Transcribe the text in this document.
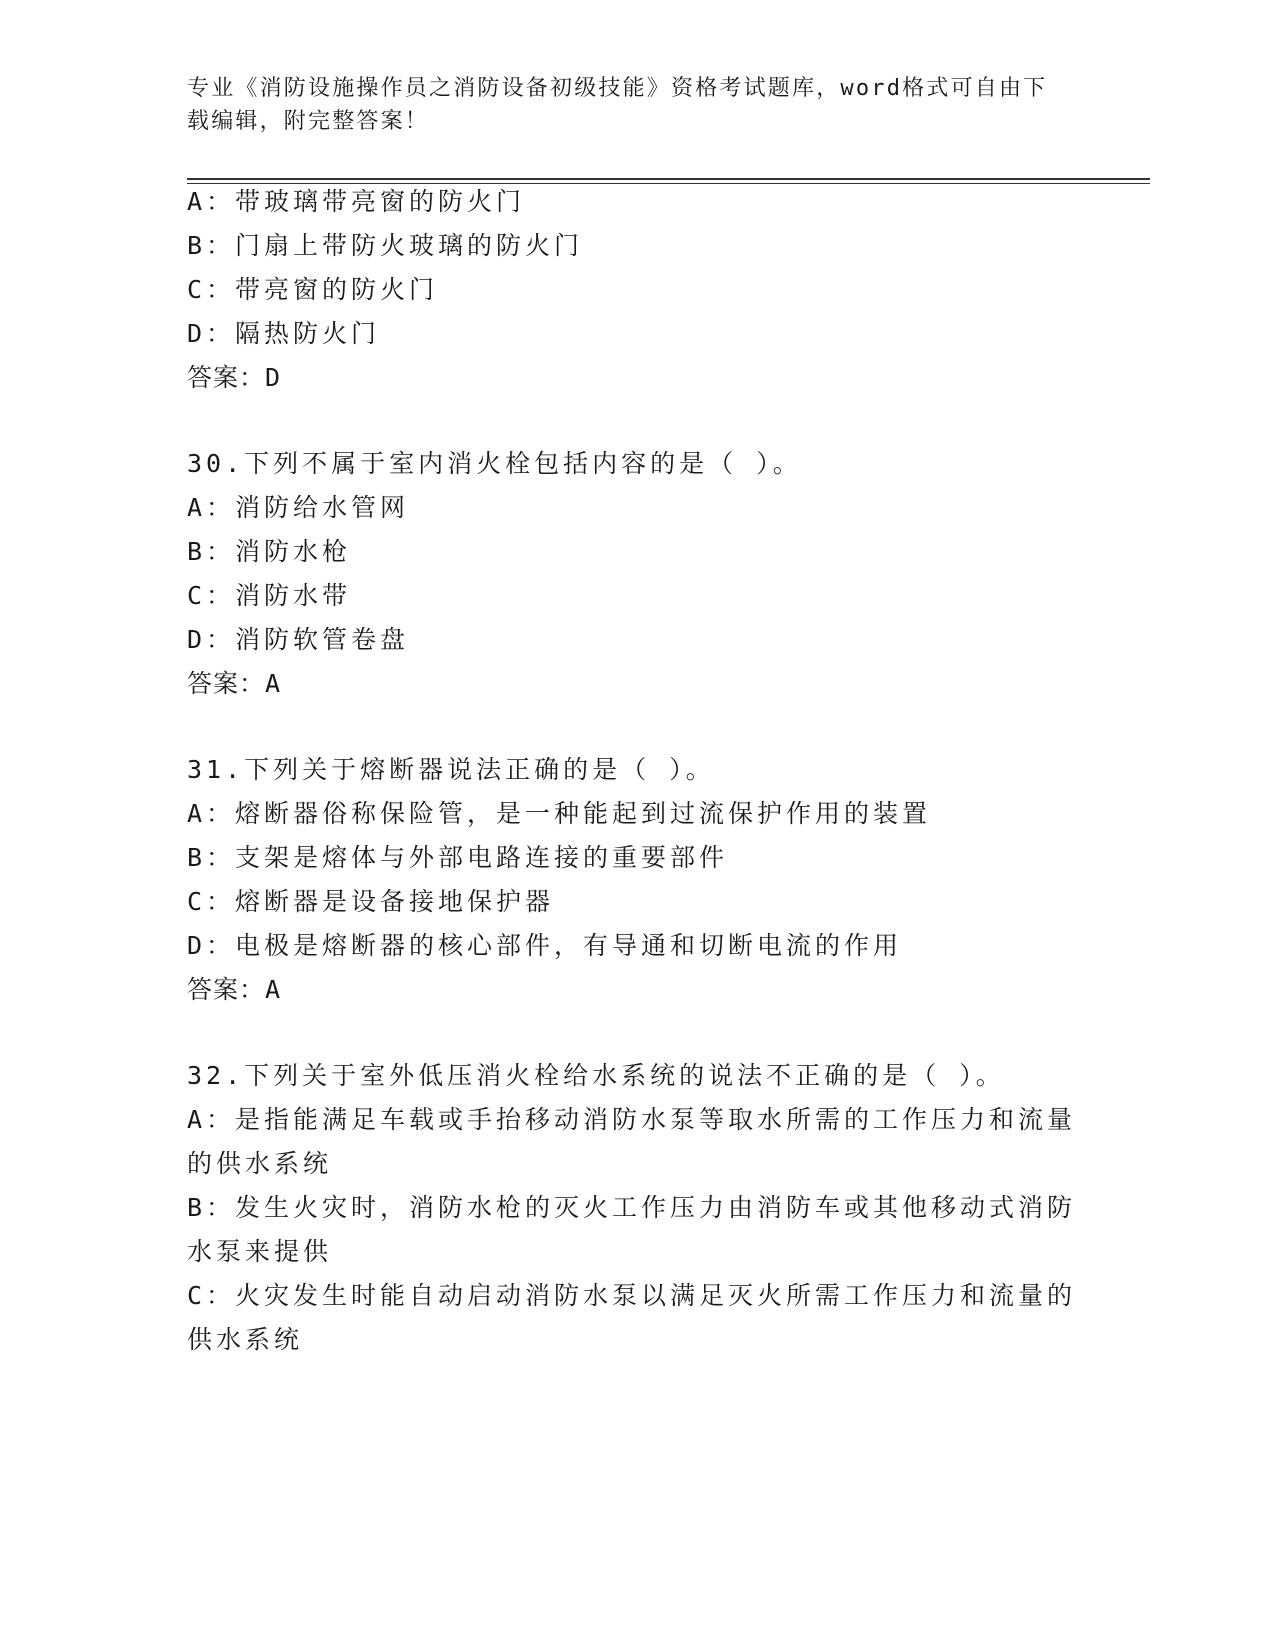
专业《消防设施操作员之消防设备初级技能》资格考试题库，word格式可自由下载编辑，附完整答案！
A：带玻璃带亮窗的防火门
B：门扇上带防火玻璃的防火门
C：带亮窗的防火门
D：隔热防火门
答案：D
30.下列不属于室内消火栓包括内容的是（ ）。
A：消防给水管网
B：消防水枪
C：消防水带
D：消防软管卷盘
答案：A
31.下列关于熔断器说法正确的是（ ）。
A：熔断器俗称保险管，是一种能起到过流保护作用的装置
B：支架是熔体与外部电路连接的重要部件
C：熔断器是设备接地保护器
D：电极是熔断器的核心部件，有导通和切断电流的作用
答案：A
32.下列关于室外低压消火栓给水系统的说法不正确的是（ ）。
A：是指能满足车载或手抬移动消防水泵等取水所需的工作压力和流量
的供水系统
B：发生火灾时，消防水枪的灭火工作压力由消防车或其他移动式消防
水泵来提供
C：火灾发生时能自动启动消防水泵以满足灭火所需工作压力和流量的
供水系统
